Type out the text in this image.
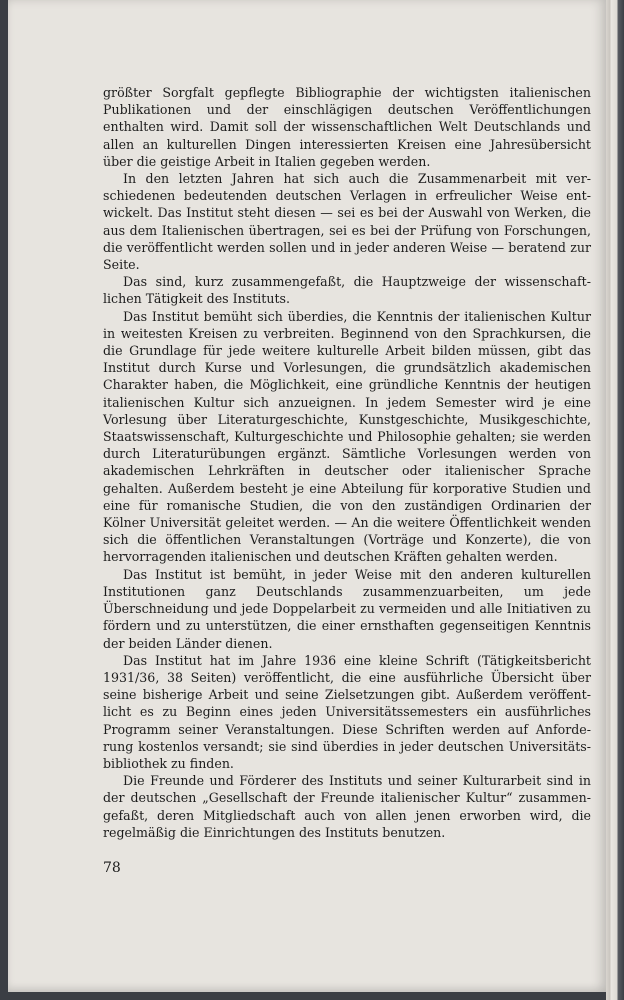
größter Sorgfalt gepflegte Bibliographie der wichtigsten italienischen Publikationen und der einschlägigen deutschen Veröffentlichungen enthalten wird. Damit soll der wissenschaftlichen Welt Deutschlands und allen an kulturellen Dingen interessierten Kreisen eine Jahresübersicht über die geistige Arbeit in Italien gegeben werden.

In den letzten Jahren hat sich auch die Zusammenarbeit mit verschiedenen bedeutenden deutschen Verlagen in erfreulicher Weise entwickelt. Das Institut steht diesen — sei es bei der Auswahl von Werken, die aus dem Italienischen übertragen, sei es bei der Prüfung von Forschungen, die veröffentlicht werden sollen und in jeder anderen Weise — beratend zur Seite.

Das sind, kurz zusammengefaßt, die Hauptzweige der wissenschaftlichen Tätigkeit des Instituts.

Das Institut bemüht sich überdies, die Kenntnis der italienischen Kultur in weitesten Kreisen zu verbreiten. Beginnend von den Sprachkursen, die die Grundlage für jede weitere kulturelle Arbeit bilden müssen, gibt das Institut durch Kurse und Vorlesungen, die grundsätzlich akademischen Charakter haben, die Möglichkeit, eine gründliche Kenntnis der heutigen italienischen Kultur sich anzueignen. In jedem Semester wird je eine Vorlesung über Literaturgeschichte, Kunstgeschichte, Musikgeschichte, Staatswissenschaft, Kulturgeschichte und Philosophie gehalten; sie werden durch Literaturübungen ergänzt. Sämtliche Vorlesungen werden von akademischen Lehrkräften in deutscher oder italienischer Sprache gehalten. Außerdem besteht je eine Abteilung für korporative Studien und eine für romanische Studien, die von den zuständigen Ordinarien der Kölner Universität geleitet werden. — An die weitere Öffentlichkeit wenden sich die öffentlichen Veranstaltungen (Vorträge und Konzerte), die von hervorragenden italienischen und deutschen Kräften gehalten werden.

Das Institut ist bemüht, in jeder Weise mit den anderen kulturellen Institutionen ganz Deutschlands zusammenzuarbeiten, um jede Überschneidung und jede Doppelarbeit zu vermeiden und alle Initiativen zu fördern und zu unterstützen, die einer ernsthaften gegenseitigen Kenntnis der beiden Länder dienen.

Das Institut hat im Jahre 1936 eine kleine Schrift (Tätigkeitsbericht 1931/36, 38 Seiten) veröffentlicht, die eine ausführliche Übersicht über seine bisherige Arbeit und seine Zielsetzungen gibt. Außerdem veröffentlicht es zu Beginn eines jeden Universitätssemesters ein ausführliches Programm seiner Veranstaltungen. Diese Schriften werden auf Anforderung kostenlos versandt; sie sind überdies in jeder deutschen Universitätsbibliothek zu finden.

Die Freunde und Förderer des Instituts und seiner Kulturarbeit sind in der deutschen „Gesellschaft der Freunde italienischer Kultur“ zusammengefaßt, deren Mitgliedschaft auch von allen jenen erworben wird, die regelmäßig die Einrichtungen des Instituts benutzen.

78
